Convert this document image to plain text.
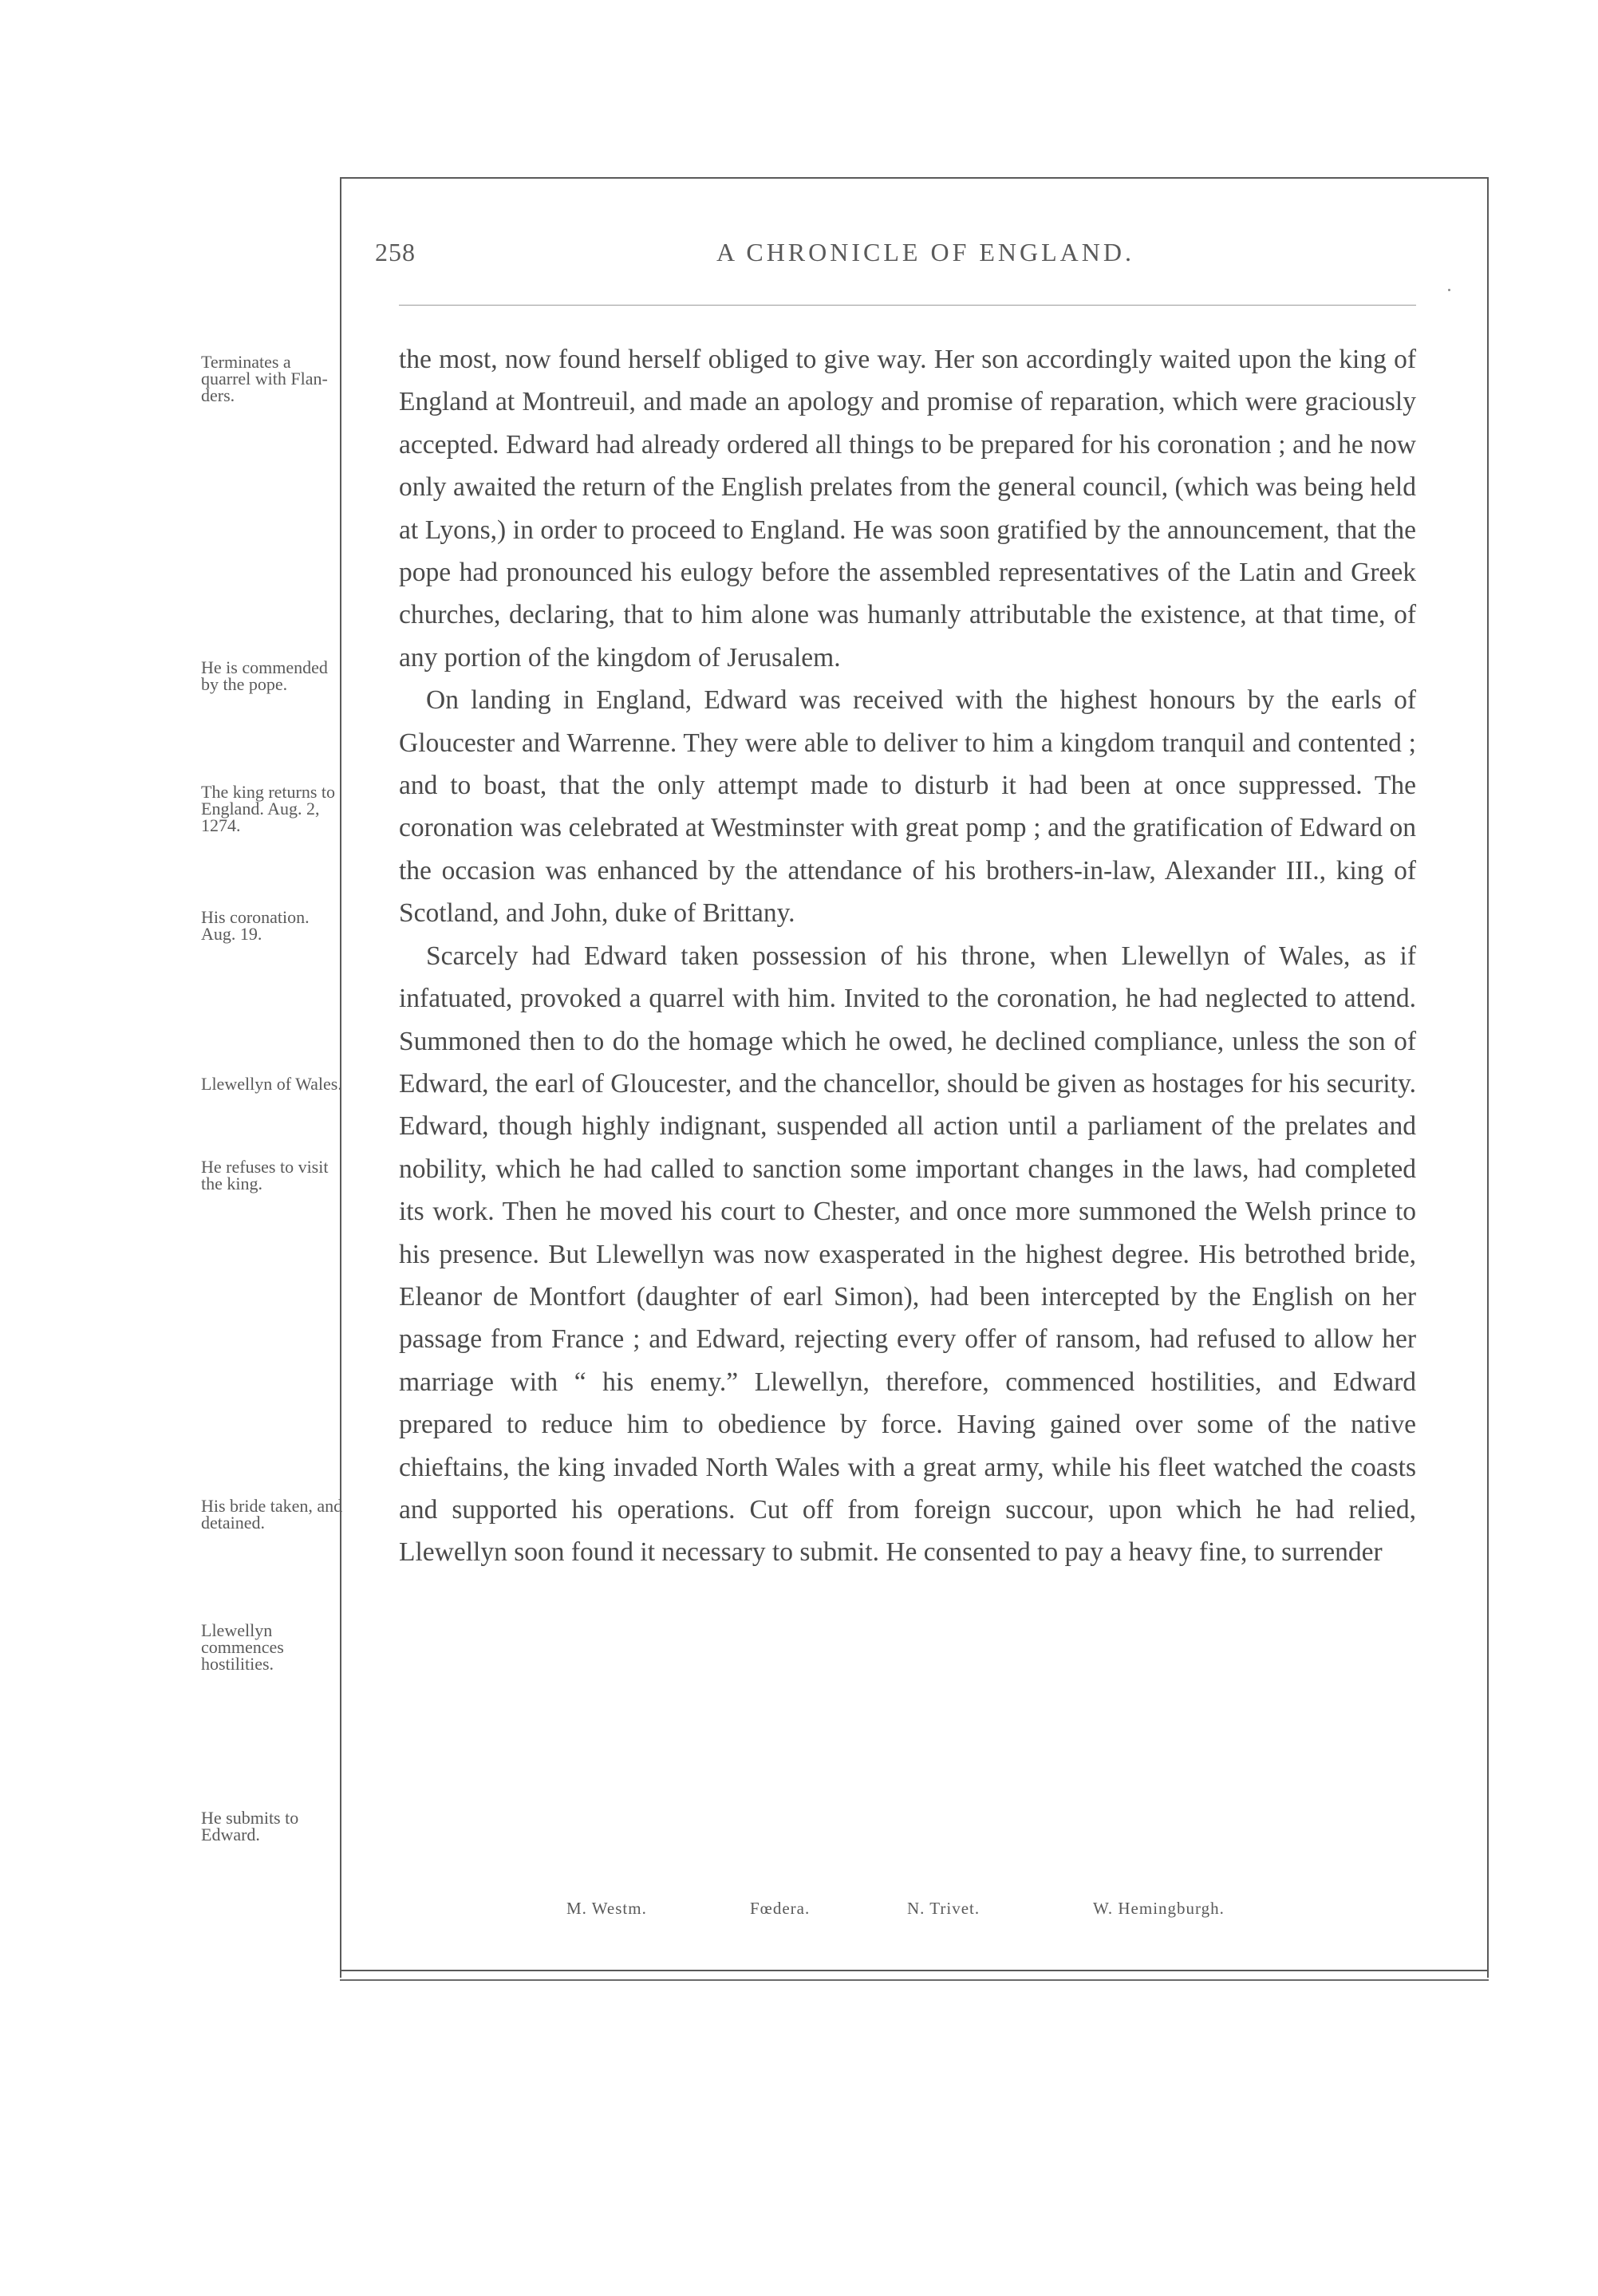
258	A CHRONICLE OF ENGLAND.
Terminates a quarrel with Flanders.
He is commended by the pope.
The king returns to England. Aug. 2, 1274.
His coronation. Aug. 19.
Llewellyn of Wales.
He refuses to visit the king.
His bride taken, and detained.
Llewellyn commences hostilities.
He submits to Edward.

the most, now found herself obliged to give way. Her son accordingly waited upon the king of England at Montreuil, and made an apology and promise of reparation, which were graciously accepted. Edward had already ordered all things to be prepared for his coronation ; and he now only awaited the return of the English prelates from the general council, (which was being held at Lyons,) in order to proceed to England. He was soon gratified by the announcement, that the pope had pronounced his eulogy before the assembled representatives of the Latin and Greek churches, declaring, that to him alone was humanly attributable the existence, at that time, of any portion of the kingdom of Jerusalem.

On landing in England, Edward was received with the highest honours by the earls of Gloucester and Warrenne. They were able to deliver to him a kingdom tranquil and contented ; and to boast, that the only attempt made to disturb it had been at once suppressed. The coronation was celebrated at Westminster with great pomp ; and the gratification of Edward on the occasion was enhanced by the attendance of his brothers-in-law, Alexander III., king of Scotland, and John, duke of Brittany.

Scarcely had Edward taken possession of his throne, when Llewellyn of Wales, as if infatuated, provoked a quarrel with him. Invited to the coronation, he had neglected to attend. Summoned then to do the homage which he owed, he declined compliance, unless the son of Edward, the earl of Gloucester, and the chancellor, should be given as hostages for his security. Edward, though highly indignant, suspended all action until a parliament of the prelates and nobility, which he had called to sanction some important changes in the laws, had completed its work. Then he moved his court to Chester, and once more summoned the Welsh prince to his presence. But Llewellyn was now exasperated in the highest degree. His betrothed bride, Eleanor de Montfort (daughter of earl Simon), had been intercepted by the English on her passage from France ; and Edward, rejecting every offer of ransom, had refused to allow her marriage with “ his enemy.” Llewellyn, therefore, commenced hostilities, and Edward prepared to reduce him to obedience by force. Having gained over some of the native chieftains, the king invaded North Wales with a great army, while his fleet watched the coasts and supported his operations. Cut off from foreign succour, upon which he had relied, Llewellyn soon found it necessary to submit. He consented to pay a heavy fine, to surrender

M. Westm.	Fœdera.	N. Trivet.	W. Hemingburgh.
